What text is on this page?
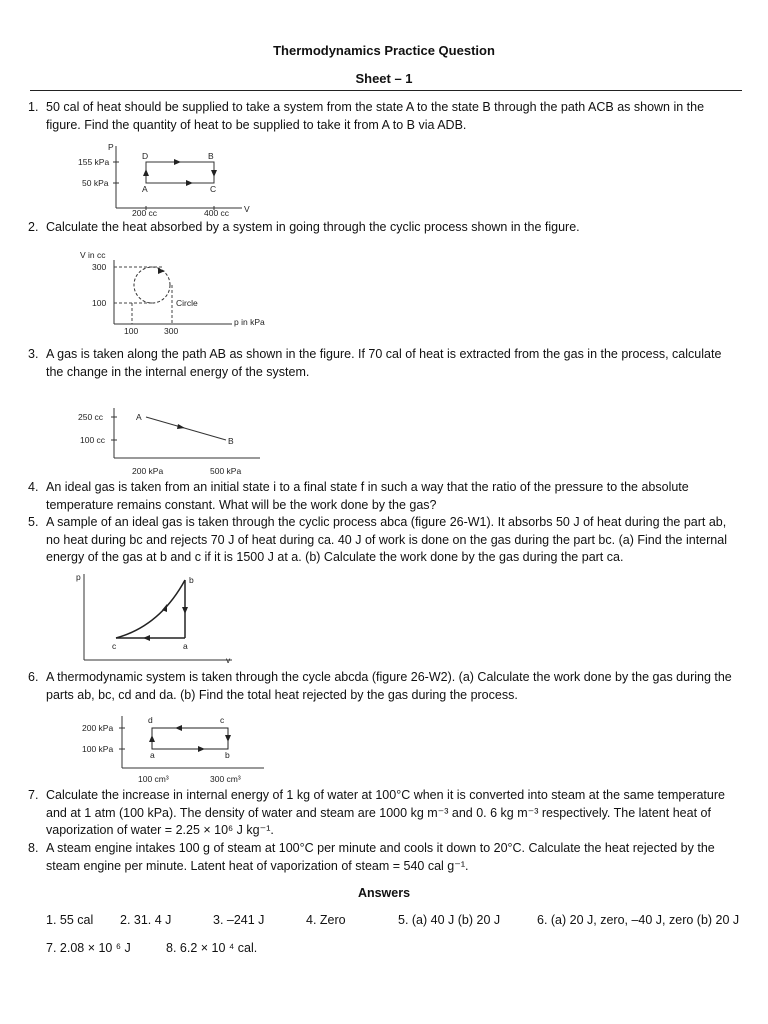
Thermodynamics Practice Question
Sheet – 1
1. 50 cal of heat should be supplied to take a system from the state A to the state B through the path ACB as shown in the figure. Find the quantity of heat to be supplied to take it from A to B via ADB.
P
V
155 kPa
50 kPa
D	B
A	C
200 cc	400 cc
2. Calculate the heat absorbed by a system in going through the cyclic process shown in the figure.
V in cc
p in kPa
300
100	Circle
100	300
3. A gas is taken along the path AB as shown in the figure. If 70 cal of heat is extracted from the gas in the process, calculate the change in the internal energy of the system.
250 cc
100 cc
A
B
200 kPa	500 kPa
4. An ideal gas is taken from an initial state i to a final state f in such a way that the ratio of the pressure to the absolute temperature remains constant. What will be the work done by the gas?
5. A sample of an ideal gas is taken through the cyclic process abca (figure 26-W1). It absorbs 50 J of heat during the part ab, no heat during bc and rejects 70 J of heat during ca. 40 J of work is done on the gas during the part bc. (a) Find the internal energy of the gas at b and c if it is 1500 J at a. (b) Calculate the work done by the gas during the part ca.
p
v
b
a
c
6. A thermodynamic system is taken through the cycle abcda (figure 26-W2). (a) Calculate the work done by the gas during the parts ab, bc, cd and da. (b) Find the total heat rejected by the gas during the process.
200 kPa
100 kPa
d	c
a	b
100 cm³	300 cm³
7. Calculate the increase in internal energy of 1 kg of water at 100°C when it is converted into steam at the same temperature and at 1 atm (100 kPa). The density of water and steam are 1000 kg m⁻³ and 0. 6 kg m⁻³ respectively. The latent heat of vaporization of water = 2.25 × 10⁶ J kg⁻¹.
8. A steam engine intakes 100 g of steam at 100°C per minute and cools it down to 20°C. Calculate the heat rejected by the steam engine per minute. Latent heat of vaporization of steam = 540 cal g⁻¹.
Answers
1. 55 cal 2. 31. 4 J	3. –241 J	4. Zero	5. (a) 40 J (b) 20 J	6. (a) 20 J, zero, –40 J, zero (b) 20 J
7. 2.08 × 10 ⁶ J	8. 6.2 × 10 ⁴ cal.
